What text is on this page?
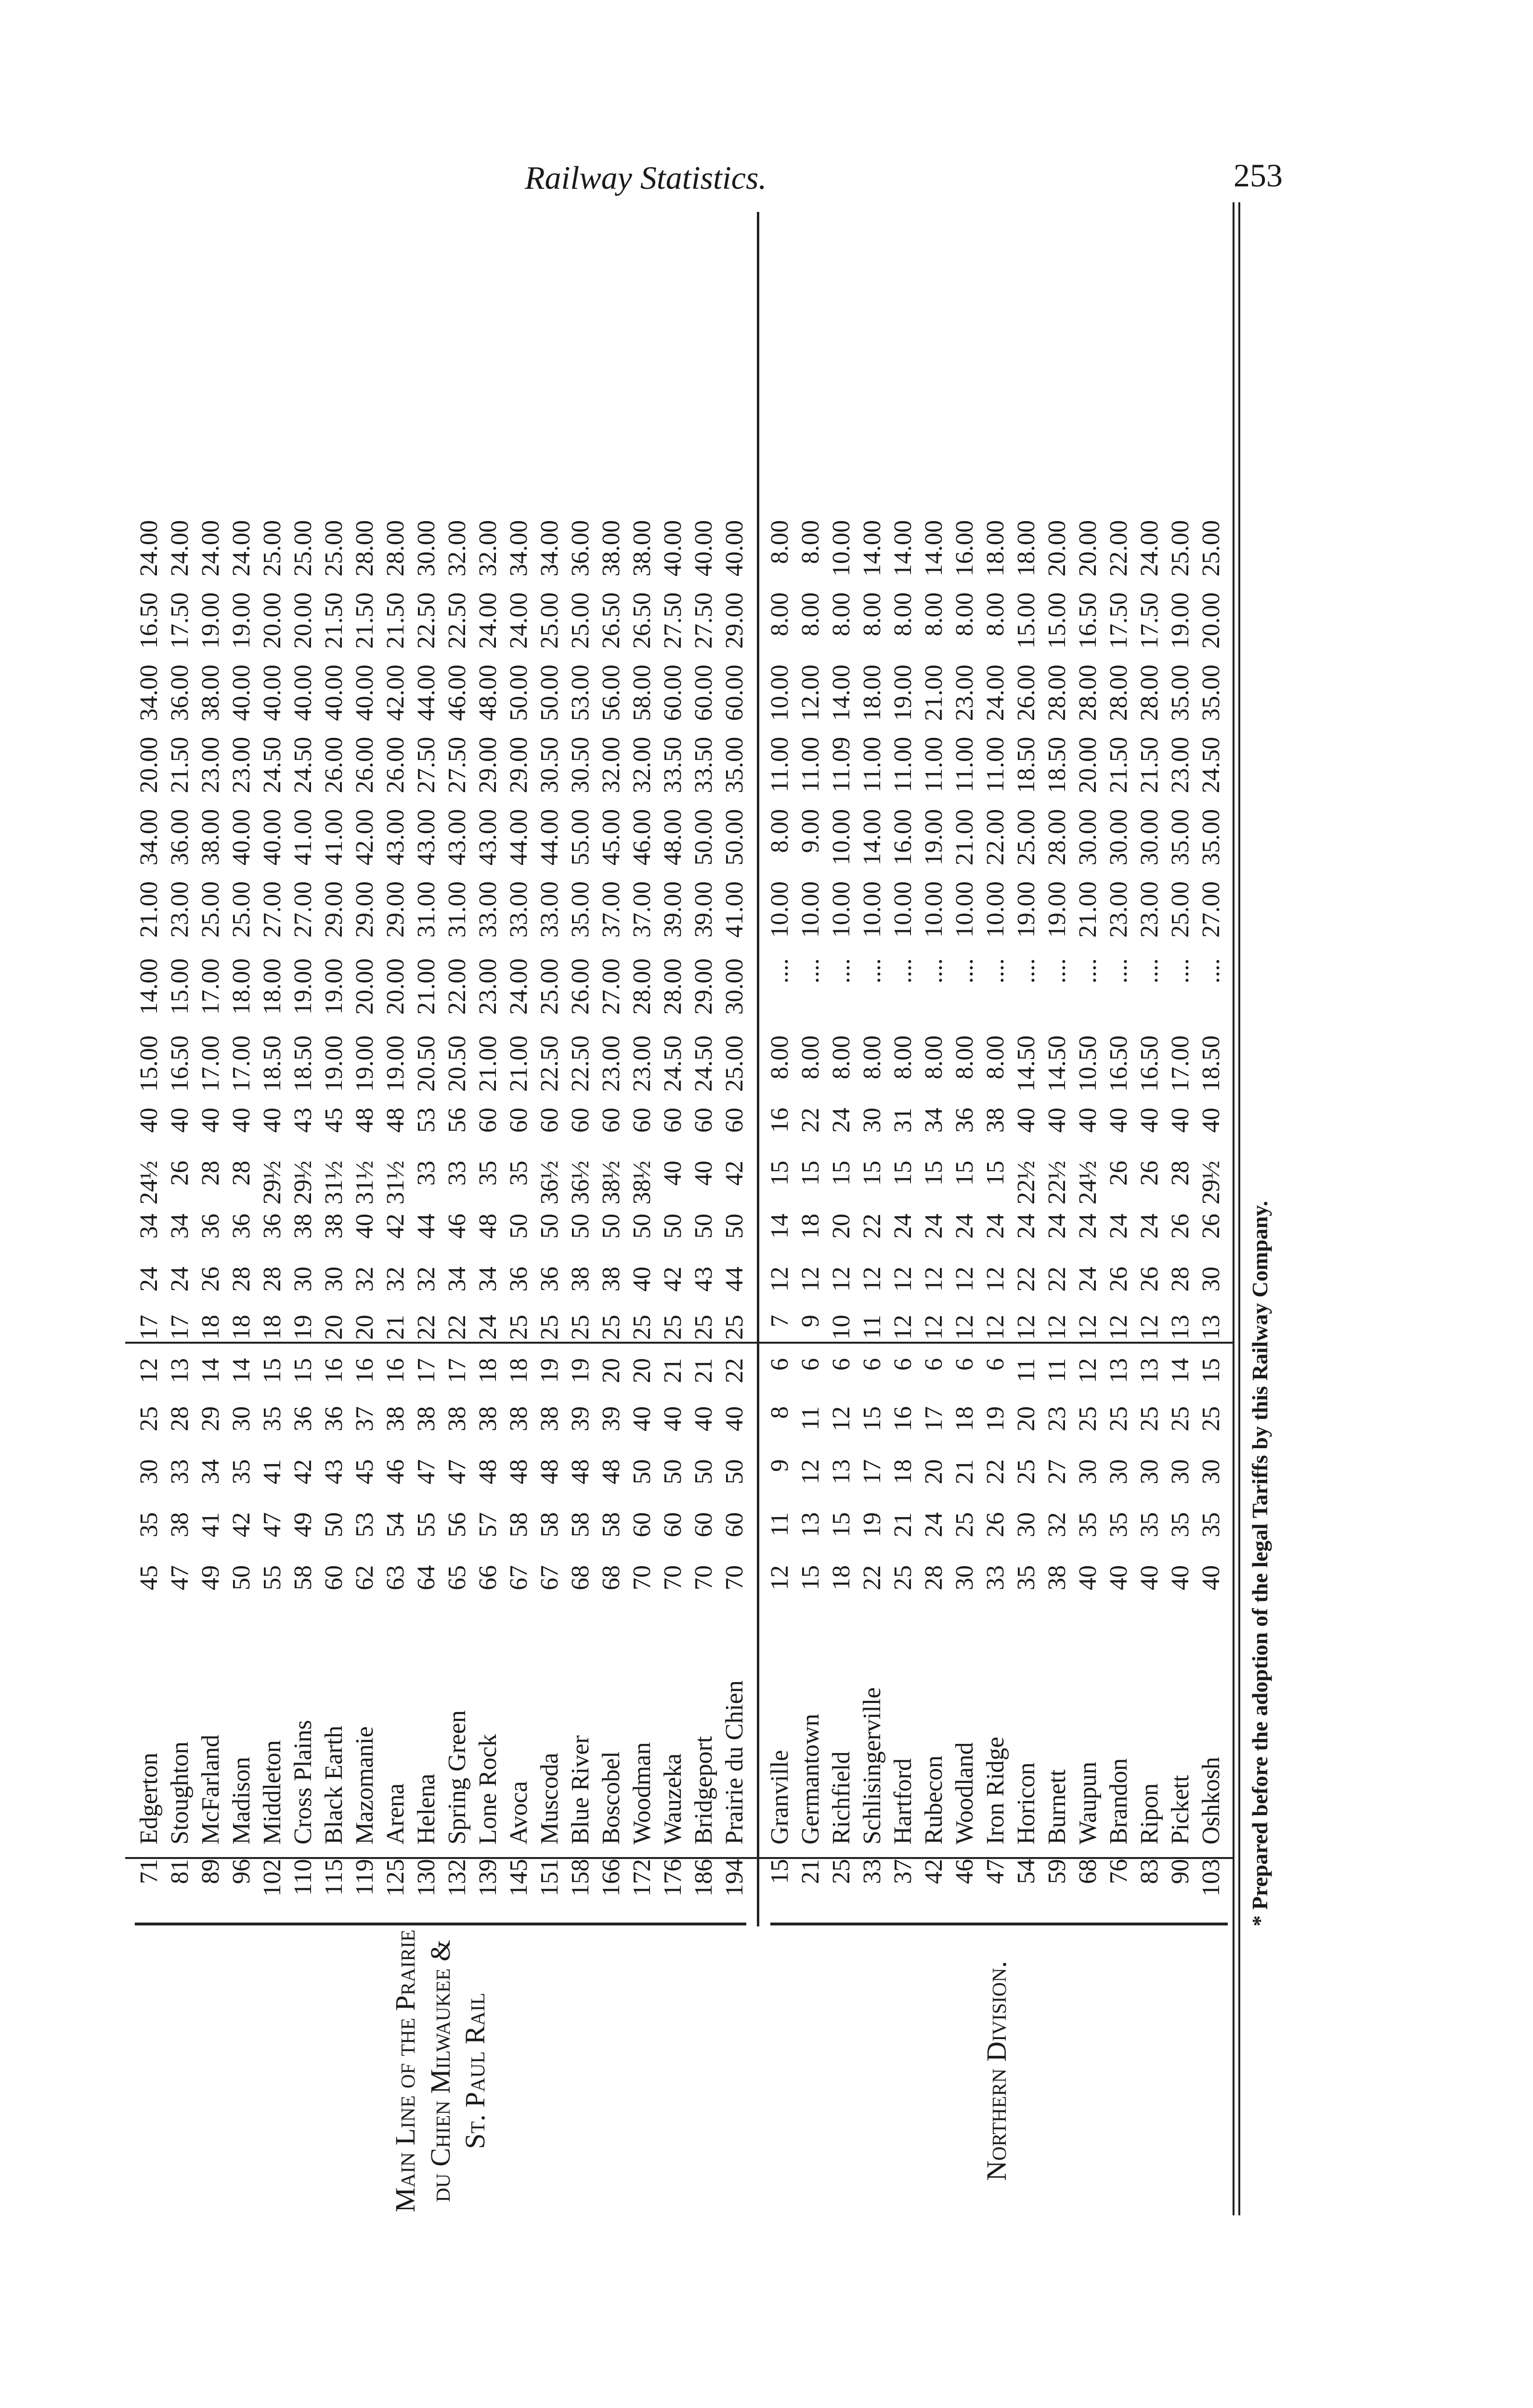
Railway Statistics.	253
Main Line of the Prairie du Chien Milwaukee & St. Paul Rail	Northern Division.
71
Edgerton
45
35
30
25
12
17
24
34
24½
40
15.00
14.00
21.00
34.00
20.00
34.00
16.50
24.00
81
Stoughton
47
38
33
28
13
17
24
34
26
40
16.50
15.00
23.00
36.00
21.50
36.00
17.50
24.00
89
McFarland
49
41
34
29
14
18
26
36
28
40
17.00
17.00
25.00
38.00
23.00
38.00
19.00
24.00
96
Madison
50
42
35
30
14
18
28
36
28
40
17.00
18.00
25.00
40.00
23.00
40.00
19.00
24.00
102
Middleton
55
47
41
35
15
18
28
36
29½
40
18.50
18.00
27.00
40.00
24.50
40.00
20.00
25.00
110
Cross Plains
58
49
42
36
15
19
30
38
29½
43
18.50
19.00
27.00
41.00
24.50
40.00
20.00
25.00
115
Black Earth
60
50
43
36
16
20
30
38
31½
45
19.00
19.00
29.00
41.00
26.00
40.00
21.50
25.00
119
Mazomanie
62
53
45
37
16
20
32
40
31½
48
19.00
20.00
29.00
42.00
26.00
40.00
21.50
28.00
125
Arena
63
54
46
38
16
21
32
42
31½
48
19.00
20.00
29.00
43.00
26.00
42.00
21.50
28.00
130
Helena
64
55
47
38
17
22
32
44
33
53
20.50
21.00
31.00
43.00
27.50
44.00
22.50
30.00
132
Spring Green
65
56
47
38
17
22
34
46
33
56
20.50
22.00
31.00
43.00
27.50
46.00
22.50
32.00
139
Lone Rock
66
57
48
38
18
24
34
48
35
60
21.00
23.00
33.00
43.00
29.00
48.00
24.00
32.00
145
Avoca
67
58
48
38
18
25
36
50
35
60
21.00
24.00
33.00
44.00
29.00
50.00
24.00
34.00
151
Muscoda
67
58
48
38
19
25
36
50
36½
60
22.50
25.00
33.00
44.00
30.50
50.00
25.00
34.00
158
Blue River
68
58
48
39
19
25
38
50
36½
60
22.50
26.00
35.00
55.00
30.50
53.00
25.00
36.00
166
Boscobel
68
58
48
39
20
25
38
50
38½
60
23.00
27.00
37.00
45.00
32.00
56.00
26.50
38.00
172
Woodman
70
60
50
40
20
25
40
50
38½
60
23.00
28.00
37.00
46.00
32.00
58.00
26.50
38.00
176
Wauzeka
70
60
50
40
21
25
42
50
40
60
24.50
28.00
39.00
48.00
33.50
60.00
27.50
40.00
186
Bridgeport
70
60
50
40
21
25
43
50
40
60
24.50
29.00
39.00
50.00
33.50
60.00
27.50
40.00
194
Prairie du Chien
70
60
50
40
22
25
44
50
42
60
25.00
30.00
41.00
50.00
35.00
60.00
29.00
40.00
15
Granville
12
11
9
8
6
7
12
14
15
16
8.00
....
10.00
8.00
11.00
10.00
8.00
8.00
21
Germantown
15
13
12
11
6
9
12
18
15
22
8.00
....
10.00
9.00
11.00
12.00
8.00
8.00
25
Richfield
18
15
13
12
6
10
12
20
15
24
8.00
....
10.00
10.00
11.09
14.00
8.00
10.00
33
Schlisingerville
22
19
17
15
6
11
12
22
15
30
8.00
....
10.00
14.00
11.00
18.00
8.00
14.00
37
Hartford
25
21
18
16
6
12
12
24
15
31
8.00
....
10.00
16.00
11.00
19.00
8.00
14.00
42
Rubecon
28
24
20
17
6
12
12
24
15
34
8.00
....
10.00
19.00
11.00
21.00
8.00
14.00
46
Woodland
30
25
21
18
6
12
12
24
15
36
8.00
....
10.00
21.00
11.00
23.00
8.00
16.00
47
Iron Ridge
33
26
22
19
6
12
12
24
15
38
8.00
....
10.00
22.00
11.00
24.00
8.00
18.00
54
Horicon
35
30
25
20
11
12
22
24
22½
40
14.50
....
19.00
25.00
18.50
26.00
15.00
18.00
59
Burnett
38
32
27
23
11
12
22
24
22½
40
14.50
....
19.00
28.00
18.50
28.00
15.00
20.00
68
Waupun
40
35
30
25
12
12
24
24
24½
40
10.50
....
21.00
30.00
20.00
28.00
16.50
20.00
76
Brandon
40
35
30
25
13
12
26
24
26
40
16.50
....
23.00
30.00
21.50
28.00
17.50
22.00
83
Ripon
40
35
30
25
13
12
26
24
26
40
16.50
....
23.00
30.00
21.50
28.00
17.50
24.00
90
Pickett
40
35
30
25
14
13
28
26
28
40
17.00
....
25.00
35.00
23.00
35.00
19.00
25.00
103
Oshkosh
40
35
30
25
15
13
30
26
29½
40
18.50
....
27.00
35.00
24.50
35.00
20.00
25.00
* Prepared before the adoption of the legal Tariffs by this Railway Company.
